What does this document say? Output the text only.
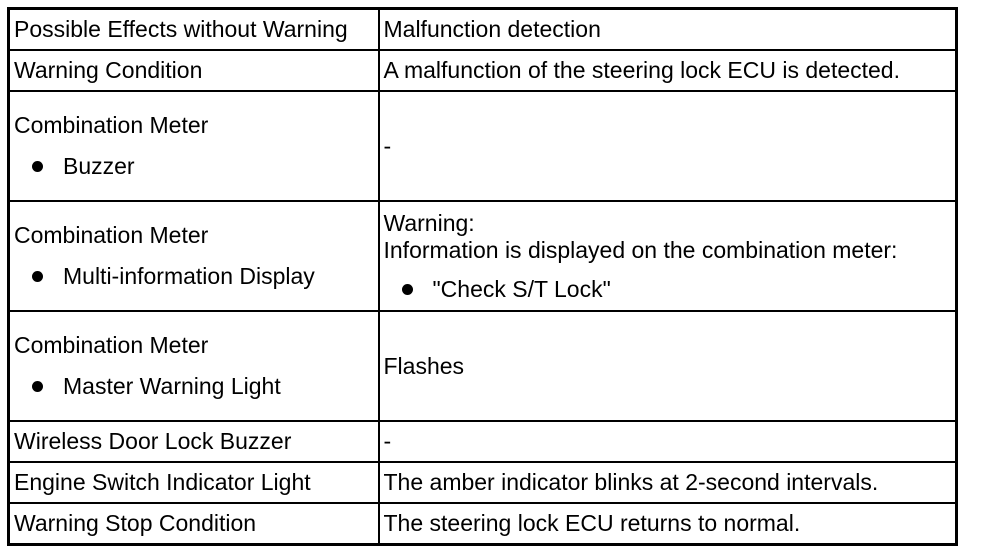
Possible Effects without Warning	Malfunction detection
Warning Condition	A malfunction of the steering lock ECU is detected.

Combination Meter
Buzzer	-

Combination Meter
Multi-information Display	Warning:
Information is displayed on the combination meter:
"Check S/T Lock"

Combination Meter
Master Warning Light	Flashes
Wireless Door Lock Buzzer	-
Engine Switch Indicator Light	The amber indicator blinks at 2-second intervals.
Warning Stop Condition	The steering lock ECU returns to normal.
